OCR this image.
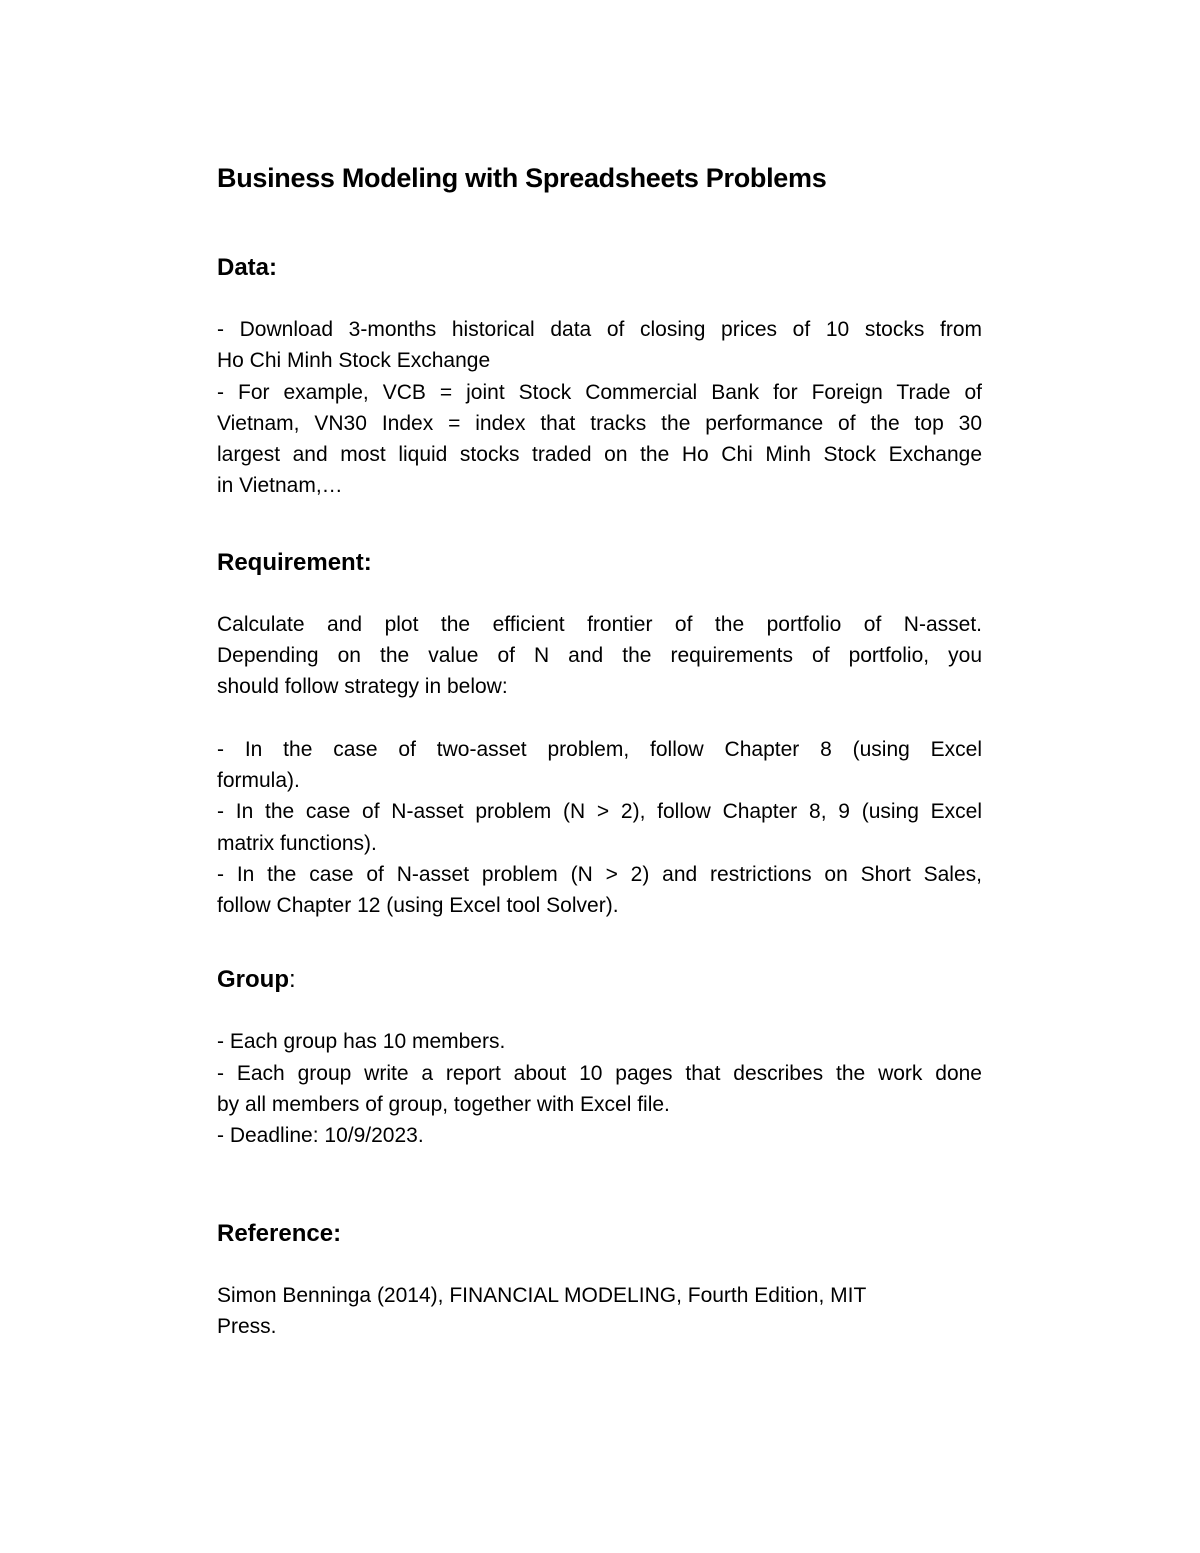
Business Modeling with Spreadsheets Problems
Data:

- Download 3-months historical data of closing prices of 10 stocks from
Ho Chi Minh Stock Exchange
- For example, VCB = joint Stock Commercial Bank for Foreign Trade of
Vietnam, VN30 Index = index that tracks the performance of the top 30
largest and most liquid stocks traded on the Ho Chi Minh Stock Exchange
in Vietnam,…

Requirement:

Calculate and plot the efficient frontier of the portfolio of N-asset.
Depending on the value of N and the requirements of portfolio, you
should follow strategy in below:

- In the case of two-asset problem, follow Chapter 8 (using Excel
formula).
- In the case of N-asset problem (N > 2), follow Chapter 8, 9 (using Excel
matrix functions).
- In the case of N-asset problem (N > 2) and restrictions on Short Sales,
follow Chapter 12 (using Excel tool Solver).

Group:

- Each group has 10 members.
- Each group write a report about 10 pages that describes the work done
by all members of group, together with Excel file.
- Deadline: 10/9/2023.

Reference:

Simon Benninga (2014), FINANCIAL MODELING, Fourth Edition, MIT
Press.
